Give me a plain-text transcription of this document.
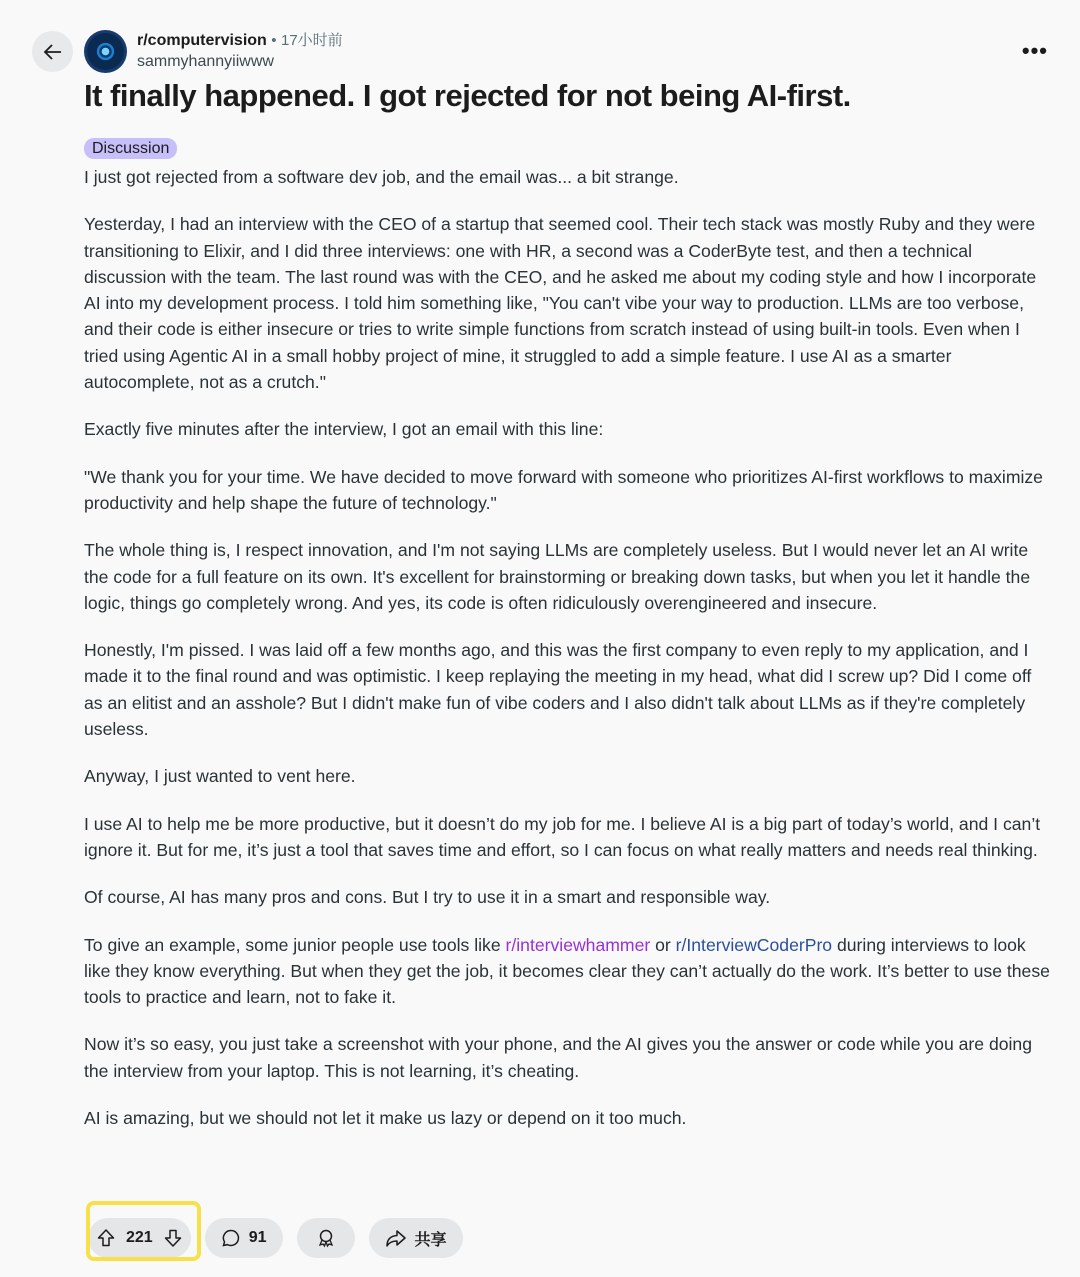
r/computervision • 17小时前
sammyhannyiiwww	•••
It finally happened. I got rejected for not being AI-first.
Discussion

I just got rejected from a software dev job, and the email was... a bit strange.

Yesterday, I had an interview with the CEO of a startup that seemed cool. Their tech stack was mostly Ruby and they were transitioning to Elixir, and I did three interviews: one with HR, a second was a CoderByte test, and then a technical discussion with the team. The last round was with the CEO, and he asked me about my coding style and how I incorporate AI into my development process. I told him something like, "You can't vibe your way to production. LLMs are too verbose, and their code is either insecure or tries to write simple functions from scratch instead of using built-in tools. Even when I tried using Agentic AI in a small hobby project of mine, it struggled to add a simple feature. I use AI as a smarter autocomplete, not as a crutch."

Exactly five minutes after the interview, I got an email with this line:

"We thank you for your time. We have decided to move forward with someone who prioritizes AI-first workflows to maximize productivity and help shape the future of technology."

The whole thing is, I respect innovation, and I'm not saying LLMs are completely useless. But I would never let an AI write the code for a full feature on its own. It's excellent for brainstorming or breaking down tasks, but when you let it handle the logic, things go completely wrong. And yes, its code is often ridiculously overengineered and insecure.

Honestly, I'm pissed. I was laid off a few months ago, and this was the first company to even reply to my application, and I made it to the final round and was optimistic. I keep replaying the meeting in my head, what did I screw up? Did I come off as an elitist and an asshole? But I didn't make fun of vibe coders and I also didn't talk about LLMs as if they're completely useless.

Anyway, I just wanted to vent here.

I use AI to help me be more productive, but it doesn’t do my job for me. I believe AI is a big part of today’s world, and I can’t ignore it. But for me, it’s just a tool that saves time and effort, so I can focus on what really matters and needs real thinking.

Of course, AI has many pros and cons. But I try to use it in a smart and responsible way.

To give an example, some junior people use tools like r/interviewhammer or r/InterviewCoderPro during interviews to look like they know everything. But when they get the job, it becomes clear they can’t actually do the work. It’s better to use these tools to practice and learn, not to fake it.

Now it’s so easy, you just take a screenshot with your phone, and the AI gives you the answer or code while you are doing the interview from your laptop. This is not learning, it’s cheating.

AI is amazing, but we should not let it make us lazy or depend on it too much.

221	91	共享
